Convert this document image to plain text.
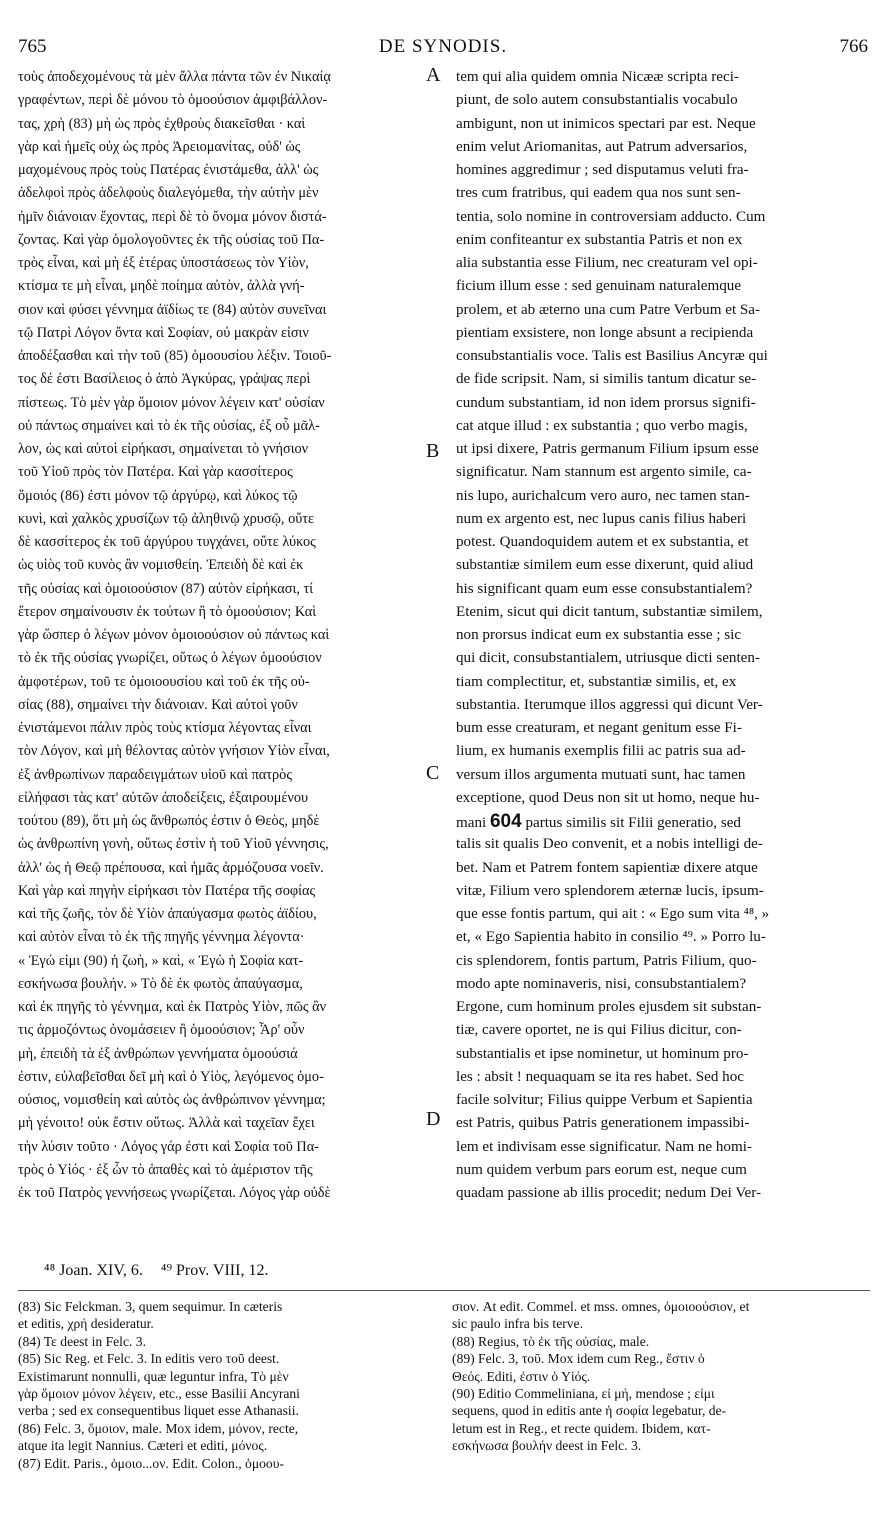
765	DE SYNODIS.	766
τοὺς ἀποδεχομένους τὰ μὲν ἄλλα πάντα τῶν ἐν Νικαίᾳ
γραφέντων, περὶ δὲ μόνου τὸ ὁμοούσιον ἀμφιβάλλον-
τας, χρὴ (83) μὴ ὡς πρὸς ἐχθροὺς διακεῖσθαι · καὶ
γὰρ καὶ ἡμεῖς οὐχ ὡς πρὸς Ἀρειομανίτας, οὐδ' ὡς
μαχομένους πρὸς τοὺς Πατέρας ἐνιστάμεθα, ἀλλ' ὡς
ἀδελφοὶ πρὸς ἀδελφοὺς διαλεγόμεθα, τὴν αὐτὴν μὲν
ἡμῖν διάνοιαν ἔχοντας, περὶ δὲ τὸ ὄνομα μόνον διστά-
ζοντας. Καὶ γὰρ ὁμολογοῦντες ἐκ τῆς οὐσίας τοῦ Πα-
τρὸς εἶναι, καὶ μὴ ἐξ ἑτέρας ὑποστάσεως τὸν Υἱὸν,
κτίσμα τε μὴ εἶναι, μηδὲ ποίημα αὐτὸν, ἀλλὰ γνή-
σιον καὶ φύσει γέννημα ἀϊδίως τε (84) αὐτὸν συνεῖναι
τῷ Πατρὶ Λόγον ὄντα καὶ Σοφίαν, οὐ μακρὰν εἰσιν
ἀποδέξασθαι καὶ τὴν τοῦ (85) ὁμοουσίου λέξιν. Τοιοῦ-
τος δέ ἐστι Βασίλειος ὁ ἀπὸ Ἀγκύρας, γράψας περὶ
πίστεως. Τὸ μὲν γὰρ ὅμοιον μόνον λέγειν κατ' οὐσίαν
οὐ πάντως σημαίνει καὶ τὸ ἐκ τῆς οὐσίας, ἐξ οὗ μᾶλ-
λον, ὡς καὶ αὐτοὶ εἰρήκασι, σημαίνεται τὸ γνήσιον
τοῦ Υἱοῦ πρὸς τὸν Πατέρα. Καὶ γὰρ κασσίτερος
ὅμοιός (86) ἐστι μόνον τῷ ἀργύρῳ, καὶ λύκος τῷ
κυνὶ, καὶ χαλκὸς χρυσίζων τῷ ἀληθινῷ χρυσῷ, οὔτε
δὲ κασσίτερος ἐκ τοῦ ἀργύρου τυγχάνει, οὔτε λύκος
ὡς υἱὸς τοῦ κυνὸς ἂν νομισθείη. Ἐπειδὴ δὲ καὶ ἐκ
τῆς οὐσίας καὶ ὁμοιοούσιον (87) αὐτὸν εἰρήκασι, τί
ἕτερον σημαίνουσιν ἐκ τούτων ἢ τὸ ὁμοούσιον; Καὶ
γὰρ ὥσπερ ὁ λέγων μόνον ὁμοιοούσιον οὐ πάντως καὶ
τὸ ἐκ τῆς οὐσίας γνωρίζει, οὕτως ὁ λέγων ὁμοούσιον
ἀμφοτέρων, τοῦ τε ὁμοιοουσίου καὶ τοῦ ἐκ τῆς οὐ-
σίας (88), σημαίνει τὴν διάνοιαν. Καὶ αὐτοὶ γοῦν
ἐνιστάμενοι πάλιν πρὸς τοὺς κτίσμα λέγοντας εἶναι
τὸν Λόγον, καὶ μὴ θέλοντας αὐτὸν γνήσιον Υἱὸν εἶναι,
ἐξ ἀνθρωπίνων παραδειγμάτων υἱοῦ καὶ πατρὸς
εἰλήφασι τὰς κατ' αὐτῶν ἀποδείξεις, ἐξαιρουμένου
τούτου (89), ὅτι μὴ ὡς ἄνθρωπός ἐστιν ὁ Θεὸς, μηδὲ
ὡς ἀνθρωπίνη γονὴ, οὕτως ἐστὶν ἡ τοῦ Υἱοῦ γέννησις,
ἀλλ' ὡς ἡ Θεῷ πρέπουσα, καὶ ἡμᾶς ἁρμόζουσα νοεῖν.
Καὶ γὰρ καὶ πηγὴν εἰρήκασι τὸν Πατέρα τῆς σοφίας
καὶ τῆς ζωῆς, τὸν δὲ Υἱὸν ἀπαύγασμα φωτὸς ἀϊδίου,
καὶ αὐτὸν εἶναι τὸ ἐκ τῆς πηγῆς γέννημα λέγοντα·
« Ἐγώ εἰμι (90) ἡ ζωὴ, » καὶ, « Ἐγὼ ἡ Σοφία κατ-
εσκήνωσα βουλήν. » Τὸ δὲ ἐκ φωτὸς ἀπαύγασμα,
καὶ ἐκ πηγῆς τὸ γέννημα, καὶ ἐκ Πατρὸς Υἱὸν, πῶς ἂν
τις ἁρμοζόντως ὀνομάσειεν ἢ ὁμοούσιον; Ἆρ' οὖν
μὴ, ἐπειδὴ τὰ ἐξ ἀνθρώπων γεννήματα ὁμοούσιά
ἐστιν, εὐλαβεῖσθαι δεῖ μὴ καὶ ὁ Υἱὸς, λεγόμενος ὁμο-
ούσιος, νομισθείη καὶ αὐτὸς ὡς ἀνθρώπινον γέννημα;
μὴ γένοιτο! οὐκ ἔστιν οὕτως. Ἀλλὰ καὶ ταχεῖαν ἔχει
τὴν λύσιν τοῦτο · Λόγος γάρ ἐστι καὶ Σοφία τοῦ Πα-
τρὸς ὁ Υἱός · ἐξ ὧν τὸ ἀπαθὲς καὶ τὸ ἀμέριστον τῆς
ἐκ τοῦ Πατρὸς γεννήσεως γνωρίζεται. Λόγος γὰρ οὐδὲ
tem qui alia quidem omnia Nicææ scripta reci-
piunt, de solo autem consubstantialis vocabulo
ambigunt, non ut inimicos spectari par est. Neque
enim velut Ariomanitas, aut Patrum adversarios,
homines aggredimur ; sed disputamus veluti fra-
tres cum fratribus, qui eadem qua nos sunt sen-
tentia, solo nomine in controversiam adducto. Cum
enim confiteantur ex substantia Patris et non ex
alia substantia esse Filium, nec creaturam vel opi-
ficium illum esse : sed genuinam naturalemque
prolem, et ab æterno una cum Patre Verbum et Sa-
pientiam exsistere, non longe absunt a recipienda
consubstantialis voce. Talis est Basilius Ancyræ qui
de fide scripsit. Nam, si similis tantum dicatur se-
cundum substantiam, id non idem prorsus signifi-
cat atque illud : ex substantia ; quo verbo magis,
ut ipsi dixere, Patris germanum Filium ipsum esse
significatur. Nam stannum est argento simile, ca-
nis lupo, aurichalcum vero auro, nec tamen stan-
num ex argento est, nec lupus canis filius haberi
potest. Quandoquidem autem et ex substantia, et
substantiæ similem eum esse dixerunt, quid aliud
his significant quam eum esse consubstantialem?
Etenim, sicut qui dicit tantum, substantiæ similem,
non prorsus indicat eum ex substantia esse ; sic
qui dicit, consubstantialem, utriusque dicti senten-
tiam complectitur, et, substantiæ similis, et, ex
substantia. Iterumque illos aggressi qui dicunt Ver-
bum esse creaturam, et negant genitum esse Fi-
lium, ex humanis exemplis filii ac patris sua ad-
versum illos argumenta mutuati sunt, hac tamen
exceptione, quod Deus non sit ut homo, neque hu-
mani 604 partus similis sit Filii generatio, sed
talis sit qualis Deo convenit, et a nobis intelligi de-
bet. Nam et Patrem fontem sapientiæ dixere atque
vitæ, Filium vero splendorem æternæ lucis, ipsum-
que esse fontis partum, qui ait : « Ego sum vita ⁴⁸, »
et, « Ego Sapientia habito in consilio ⁴⁹. » Porro lu-
cis splendorem, fontis partum, Patris Filium, quo-
modo apte nominaveris, nisi, consubstantialem?
Ergone, cum hominum proles ejusdem sit substan-
tiæ, cavere oportet, ne is qui Filius dicitur, con-
substantialis et ipse nominetur, ut hominum pro-
les : absit ! nequaquam se ita res habet. Sed hoc
facile solvitur; Filius quippe Verbum et Sapientia
est Patris, quibus Patris generationem impassibi-
lem et indivisam esse significatur. Nam ne homi-
num quidem verbum pars eorum est, neque cum
quadam passione ab illis procedit; nedum Dei Ver-
A
B
C
D
⁴⁸ Joan. XIV, 6. ⁴⁹ Prov. VIII, 12.
(83) Sic Felckman. 3, quem sequimur. In cæteris
et editis, χρή desideratur.
(84) Τε deest in Felc. 3.
(85) Sic Reg. et Felc. 3. In editis vero τοῦ deest.
Existimarunt nonnulli, quæ leguntur infra, Τὸ μὲν
γὰρ ὅμοιον μόνον λέγειν, etc., esse Basilii Ancyrani
verba ; sed ex consequentibus liquet esse Athanasii.
(86) Felc. 3, ὅμοιον, male. Mox idem, μόνον, recte,
atque ita legit Nannius. Cæteri et editi, μόνος.
(87) Edit. Paris., ὁμοιο...ον. Edit. Colon., ὁμοου-
σιον. At edit. Commel. et mss. omnes, ὁμοιοούσιον, et
sic paulo infra bis terve.
(88) Regius, τὸ ἐκ τῆς οὐσίας, male.
(89) Felc. 3, τοῦ. Mox idem cum Reg., ἔστιν ὁ
Θεός. Editi, ἐστιν ὁ Υἱός.
(90) Editio Commeliniana, εἰ μή, mendose ; εἰμι
sequens, quod in editis ante ἡ σοφία legebatur, de-
letum est in Reg., et recte quidem. Ibidem, κατ-
εσκήνωσα βουλήν deest in Felc. 3.
